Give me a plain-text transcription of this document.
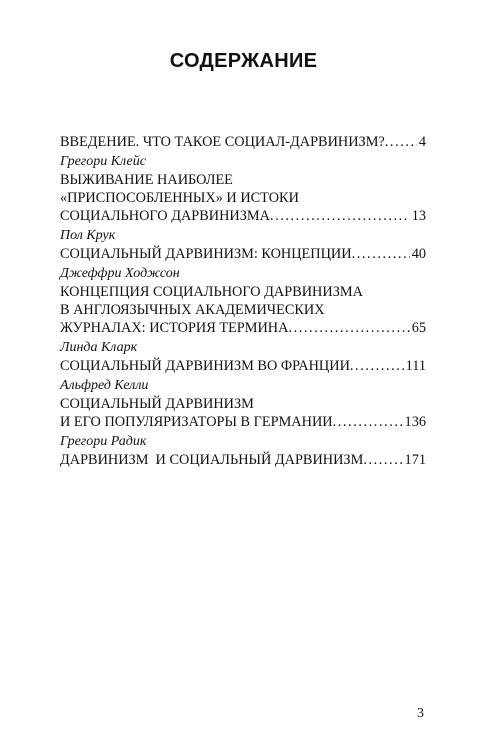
СОДЕРЖАНИЕ
ВВЕДЕНИЕ. ЧТО ТАКОЕ СОЦИАЛ-ДАРВИНИЗМ? . . . 4
Грегори Клейс
ВЫЖИВАНИЕ НАИБОЛЕЕ
«ПРИСПОСОБЛЕННЫХ» И ИСТОКИ
СОЦИАЛЬНОГО ДАРВИНИЗМА . . .	13
Пол Крук
СОЦИАЛЬНЫЙ ДАРВИНИЗМ: КОНЦЕПЦИИ . . .	40
Джеффри Ходжсон
КОНЦЕПЦИЯ СОЦИАЛЬНОГО ДАРВИНИЗМА
В АНГЛОЯЗЫЧНЫХ АКАДЕМИЧЕСКИХ
ЖУРНАЛАХ: ИСТОРИЯ ТЕРМИНА . . .	65
Линда Кларк
СОЦИАЛЬНЫЙ ДАРВИНИЗМ ВО ФРАНЦИИ . . .	111
Альфред Келли
СОЦИАЛЬНЫЙ ДАРВИНИЗМ
И ЕГО ПОПУЛЯРИЗАТОРЫ В ГЕРМАНИИ . . .	136
Грегори Радик
ДАРВИНИЗМ  И СОЦИАЛЬНЫЙ ДАРВИНИЗМ . . .	171
3
